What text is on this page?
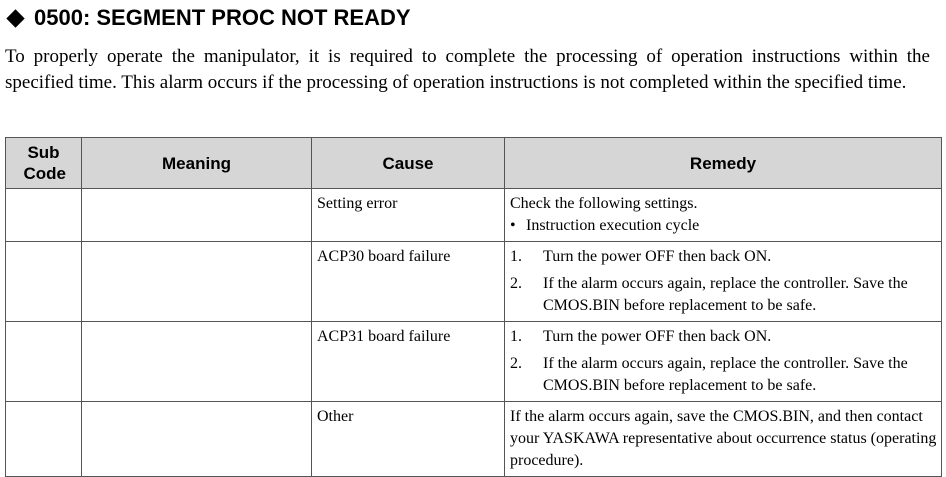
0500: SEGMENT PROC NOT READY
To properly operate the manipulator, it is required to complete the processing of operation instructions within the specified time. This alarm occurs if the processing of operation instructions is not completed within the specified time.
Sub Code	Meaning	Cause	Remedy
		Setting error	Check the following settings.
• Instruction execution cycle

		ACP30 board failure	1. Turn the power OFF then back ON.
2. If the alarm occurs again, replace the controller. Save the CMOS.BIN before replacement to be safe.

		ACP31 board failure	1. Turn the power OFF then back ON.
2. If the alarm occurs again, replace the controller. Save the CMOS.BIN before replacement to be safe.

		Other	If the alarm occurs again, save the CMOS.BIN, and then contact your YASKAWA representative about occurrence status (operating procedure).
